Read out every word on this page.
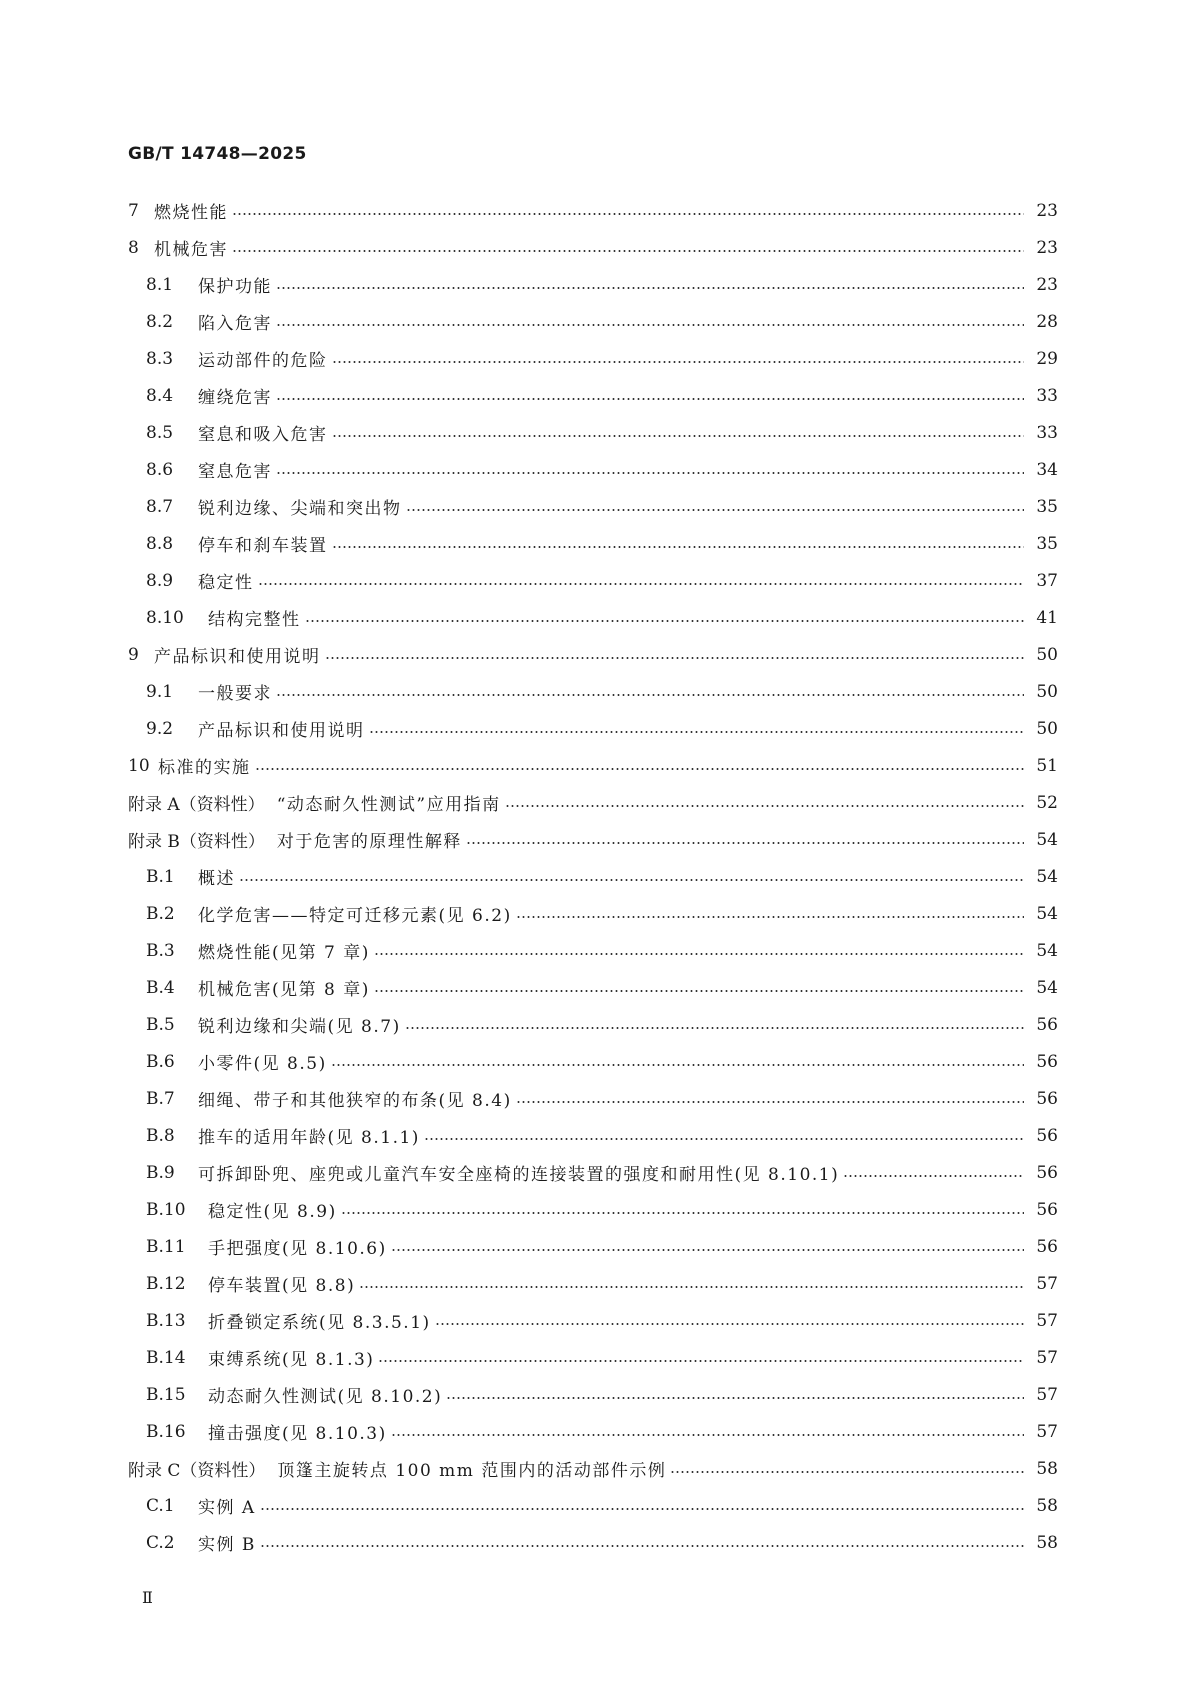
GB/T 14748—2025
7 燃烧性能	23
8 机械危害	23
8.1	保护功能	23
8.2	陷入危害	28
8.3	运动部件的危险	29
8.4	缠绕危害	33
8.5	窒息和吸入危害	33
8.6	窒息危害	34
8.7	锐利边缘、尖端和突出物	35
8.8	停车和刹车装置	35
8.9	稳定性	37
8.10	结构完整性	41
9 产品标识和使用说明	50
9.1	一般要求	50
9.2	产品标识和使用说明	50
10 标准的实施	51
附录 A（资料性） “动态耐久性测试”应用指南	52
附录 B（资料性） 对于危害的原理性解释	54
B.1	概述	54
B.2	化学危害——特定可迁移元素(见 6.2)	54
B.3	燃烧性能(见第 7 章)	54
B.4	机械危害(见第 8 章)	54
B.5	锐利边缘和尖端(见 8.7)	56
B.6	小零件(见 8.5)	56
B.7	细绳、带子和其他狭窄的布条(见 8.4)	56
B.8	推车的适用年龄(见 8.1.1)	56
B.9	可拆卸卧兜、座兜或儿童汽车安全座椅的连接装置的强度和耐用性(见 8.10.1)	56
B.10	稳定性(见 8.9)	56
B.11	手把强度(见 8.10.6)	56
B.12	停车装置(见 8.8)	57
B.13	折叠锁定系统(见 8.3.5.1)	57
B.14	束缚系统(见 8.1.3)	57
B.15	动态耐久性测试(见 8.10.2)	57
B.16	撞击强度(见 8.10.3)	57
附录 C（资料性） 顶篷主旋转点 100 mm 范围内的活动部件示例	58
C.1	实例 A	58
C.2	实例 B	58
Ⅱ
